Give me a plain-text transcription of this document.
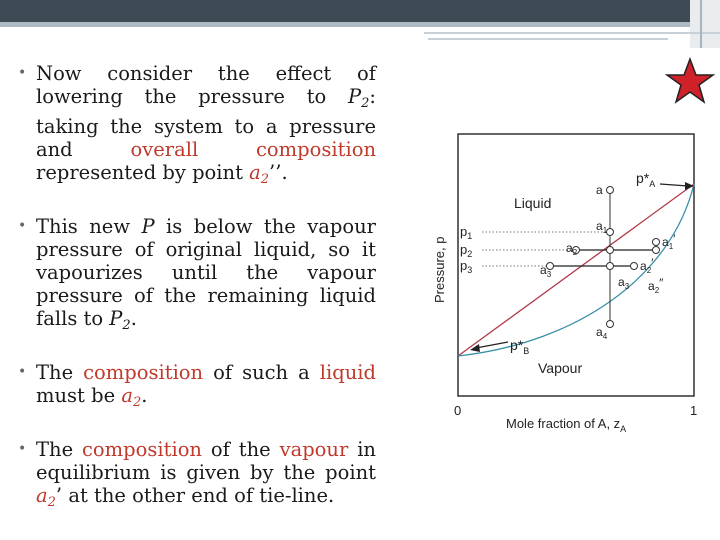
• Now consider the effect of lowering the pressure to $P_2$: taking the system to a pressure and overall composition represented by point $a_2$’’.
• This new P is below the vapour pressure of original liquid, so it vapourizes until the vapour pressure of the remaining liquid falls to $P_2$.
• The composition of such a liquid must be $a_2$.
• The composition of the vapour in equilibrium is given by the point $a_2$’ at the other end of tie-line.
Liquid
Vapour
$p*_A$
$p*_B$
$p_1$
$p_2$
$p_3$
a
$a_1$
$a_2$
$a_3$
$a_3$
$a_4$
$a_1'$
$a_2'$
$a_2''$
0	1
Mole fraction of A, $z_A$
Pressure, p
